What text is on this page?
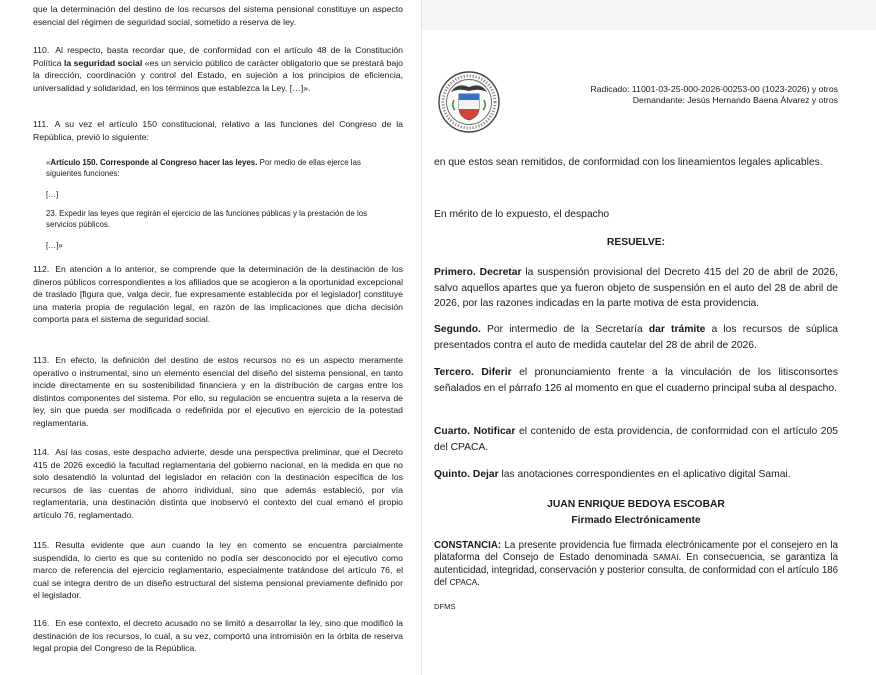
que la determinación del destino de los recursos del sistema pensional constituye un aspecto esencial del régimen de seguridad social, sometido a reserva de ley.

110. Al respecto, basta recordar que, de conformidad con el artículo 48 de la Constitución Política la seguridad social «es un servicio público de carácter obligatorio que se prestará bajo la dirección, coordinación y control del Estado, en sujeción a los principios de eficiencia, universalidad y solidaridad, en los términos que establezca la Ley. […]».

111. A su vez el artículo 150 constitucional, relativo a las funciones del Congreso de la República, previó lo siguiente:

«Artículo 150. Corresponde al Congreso hacer las leyes. Por medio de ellas ejerce las siguientes funciones:

[…]

23. Expedir las leyes que regirán el ejercicio de las funciones públicas y la prestación de los servicios públicos.

[…]»

112. En atención a lo anterior, se comprende que la determinación de la destinación de los dineros públicos correspondientes a los afiliados que se acogieron a la oportunidad excepcional de traslado [figura que, valga decir, fue expresamente establecida por el legislador] constituye una materia propia de regulación legal, en razón de las implicaciones que dicha decisión comporta para el sistema de seguridad social.

113. En efecto, la definición del destino de estos recursos no es un aspecto meramente operativo o instrumental, sino un elemento esencial del diseño del sistema pensional, en tanto incide directamente en su sostenibilidad financiera y en la distribución de cargas entre los distintos componentes del sistema. Por ello, su regulación se encuentra sujeta a la reserva de ley, sin que pueda ser modificada o redefinida por el ejecutivo en ejercicio de la potestad reglamentaria.

114. Así las cosas, este despacho advierte, desde una perspectiva preliminar, que el Decreto 415 de 2026 excedió la facultad reglamentaria del gobierno nacional, en la medida en que no solo desatendió la voluntad del legislador en relación con la destinación específica de los recursos de las cuentas de ahorro individual, sino que además estableció, por vía reglamentaria, una destinación distinta que inobservó el contexto del cual emanó el propio artículo 76, reglamentado.

115. Resulta evidente que aun cuando la ley en comento se encuentra parcialmente suspendida, lo cierto es que su contenido no podía ser desconocido por el ejecutivo como marco de referencia del ejercicio reglamentario, especialmente tratándose del artículo 76, el cual se integra dentro de un diseño estructural del sistema pensional previamente definido por el legislador.

116. En ese contexto, el decreto acusado no se limitó a desarrollar la ley, sino que modificó la destinación de los recursos, lo cual, a su vez, comportó una intromisión en la órbita de reserva legal propia del Congreso de la República.

Radicado: 11001-03-25-000-2026-00253-00 (1023-2026) y otros
Demandante: Jesús Hernando Baena Álvarez y otros

en que estos sean remitidos, de conformidad con los lineamientos legales aplicables.

En mérito de lo expuesto, el despacho

RESUELVE:

Primero. Decretar la suspensión provisional del Decreto 415 del 20 de abril de 2026, salvo aquellos apartes que ya fueron objeto de suspensión en el auto del 28 de abril de 2026, por las razones indicadas en la parte motiva de esta providencia.

Segundo. Por intermedio de la Secretaría dar trámite a los recursos de súplica presentados contra el auto de medida cautelar del 28 de abril de 2026.

Tercero. Diferir el pronunciamiento frente a la vinculación de los litisconsortes señalados en el párrafo 126 al momento en que el cuaderno principal suba al despacho.

Cuarto. Notificar el contenido de esta providencia, de conformidad con el artículo 205 del CPACA.

Quinto. Dejar las anotaciones correspondientes en el aplicativo digital Samai.

JUAN ENRIQUE BEDOYA ESCOBAR
Firmado Electrónicamente

CONSTANCIA: La presente providencia fue firmada electrónicamente por el consejero en la plataforma del Consejo de Estado denominada SAMAI. En consecuencia, se garantiza la autenticidad, integridad, conservación y posterior consulta, de conformidad con el artículo 186 del CPACA.

DFMS
